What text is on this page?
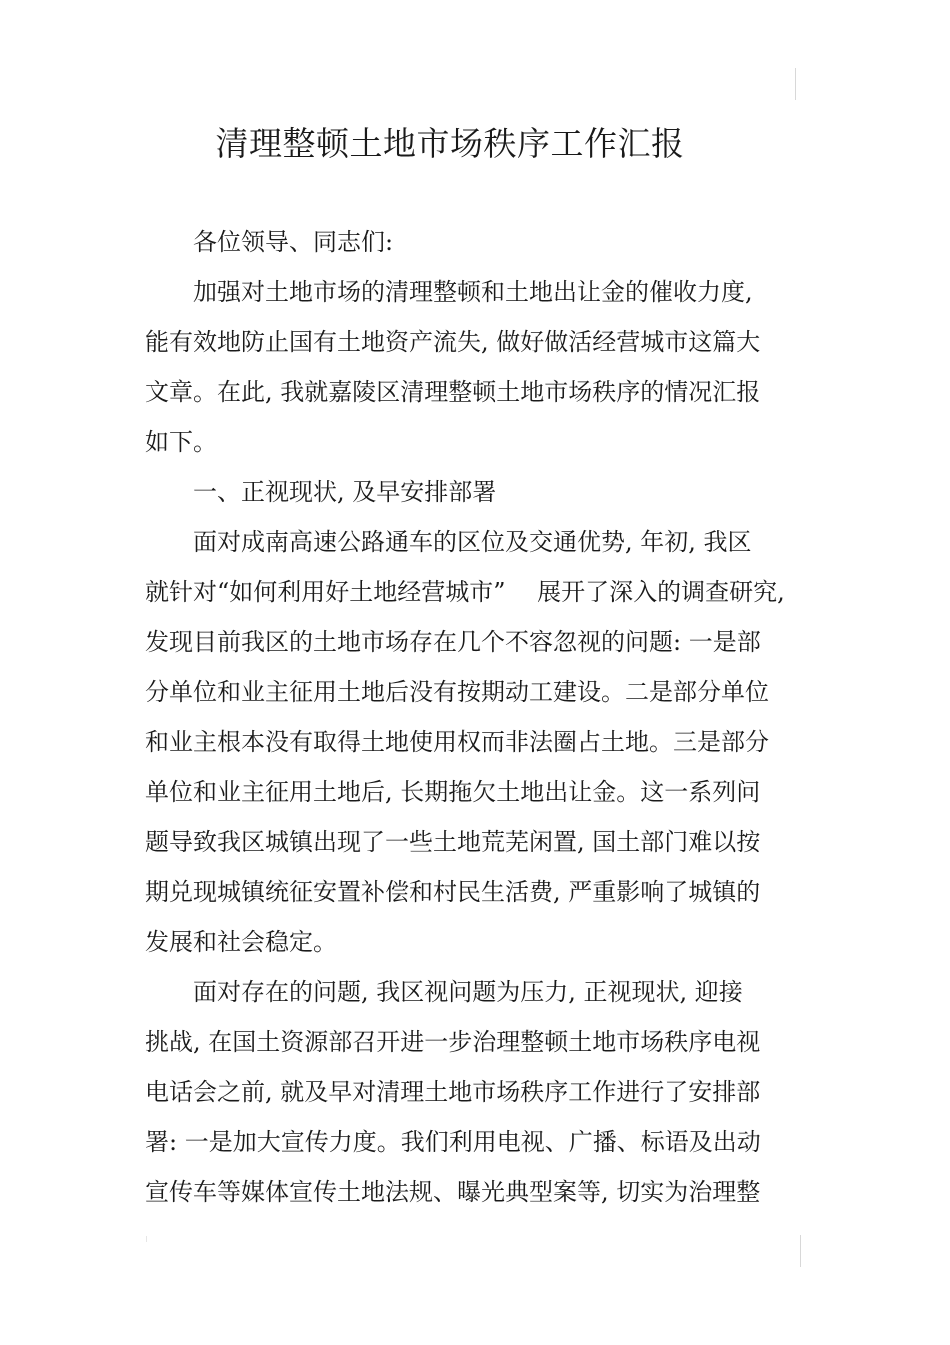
清理整顿土地市场秩序工作汇报

各位领导、同志们:

加强对土地市场的清理整顿和土地出让金的催收力度,

能有效地防止国有土地资产流失, 做好做活经营城市这篇大

文章。在此, 我就嘉陵区清理整顿土地市场秩序的情况汇报

如下。

一、正视现状, 及早安排部署

面对成南高速公路通车的区位及交通优势, 年初, 我区

就针对“如何利用好土地经营城市”　 展开了深入的调查研究,

发现目前我区的土地市场存在几个不容忽视的问题: 一是部

分单位和业主征用土地后没有按期动工建设。二是部分单位

和业主根本没有取得土地使用权而非法圈占土地。三是部分

单位和业主征用土地后, 长期拖欠土地出让金。这一系列问

题导致我区城镇出现了一些土地荒芜闲置, 国土部门难以按

期兑现城镇统征安置补偿和村民生活费, 严重影响了城镇的

发展和社会稳定。

面对存在的问题, 我区视问题为压力, 正视现状, 迎接

挑战, 在国土资源部召开进一步治理整顿土地市场秩序电视

电话会之前, 就及早对清理土地市场秩序工作进行了安排部

署: 一是加大宣传力度。我们利用电视、广播、标语及出动

宣传车等媒体宣传土地法规、曝光典型案等, 切实为治理整
